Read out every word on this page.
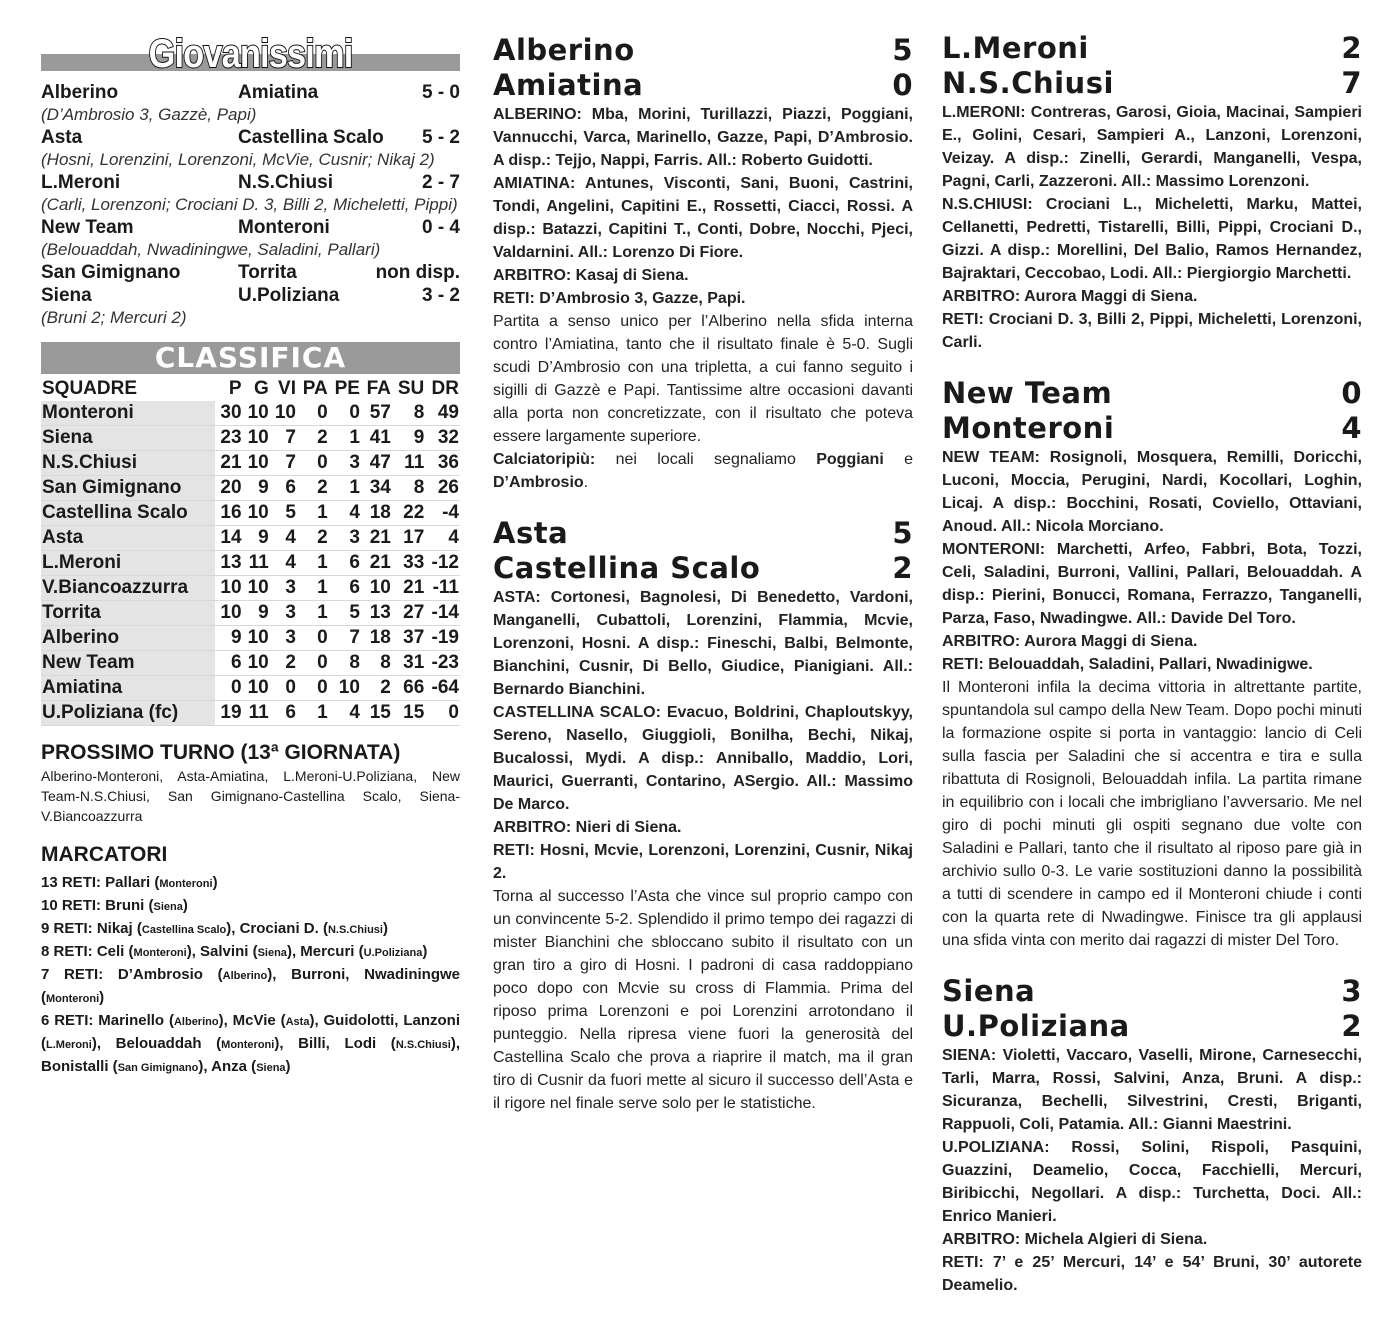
Giovanissimi
Alberino	Amiatina	5 - 0
(D’Ambrosio 3, Gazzè, Papi)
Asta	Castellina Scalo	5 - 2
(Hosni, Lorenzini, Lorenzoni, McVie, Cusnir; Nikaj 2)
L.Meroni	N.S.Chiusi	2 - 7
(Carli, Lorenzoni; Crociani D. 3, Billi 2, Micheletti, Pippi)
New Team	Monteroni	0 - 4
(Belouaddah, Nwadiningwe, Saladini, Pallari)
San Gimignano	Torrita	non disp.
Siena	U.Poliziana	3 - 2
(Bruni 2; Mercuri 2)
CLASSIFICA
SQUADRE	P	G	VI	PA	PE	FA	SU	DR
Monteroni	30	10	10	0	0	57	8	49
Siena	23	10	7	2	1	41	9	32
N.S.Chiusi	21	10	7	0	3	47	11	36
San Gimignano	20	9	6	2	1	34	8	26
Castellina Scalo	16	10	5	1	4	18	22	-4
Asta	14	9	4	2	3	21	17	4
L.Meroni	13	11	4	1	6	21	33	-12
V.Biancoazzurra	10	10	3	1	6	10	21	-11
Torrita	10	9	3	1	5	13	27	-14
Alberino	9	10	3	0	7	18	37	-19
New Team	6	10	2	0	8	8	31	-23
Amiatina	0	10	0	0	10	2	66	-64
U.Poliziana (fc)	19	11	6	1	4	15	15	0
PROSSIMO TURNO (13ª GIORNATA)
Alberino-Monteroni, Asta-Amiatina, L.Meroni-U.Poliziana, New Team-N.S.Chiusi, San Gimignano-Castellina Scalo, Siena-V.Biancoazzurra
MARCATORI
13 RETI: Pallari (Monteroni)
10 RETI: Bruni (Siena)
9 RETI: Nikaj (Castellina Scalo), Crociani D. (N.S.Chiusi)
8 RETI: Celi (Monteroni), Salvini (Siena), Mercuri (U.Poliziana)
7 RETI: D’Ambrosio (Alberino), Burroni, Nwadiningwe (Monteroni)
6 RETI: Marinello (Alberino), McVie (Asta), Guidolotti, Lanzoni (L.Meroni), Belouaddah (Monteroni), Billi, Lodi (N.S.Chiusi), Bonistalli (San Gimignano), Anza (Siena)
Alberino	5
Amiatina	0
ALBERINO: Mba, Morini, Turillazzi, Piazzi, Poggiani, Vannucchi, Varca, Marinello, Gazze, Papi, D’Ambrosio. A disp.: Tejjo, Nappi, Farris. All.: Roberto Guidotti.
AMIATINA: Antunes, Visconti, Sani, Buoni, Castrini, Tondi, Angelini, Capitini E., Rossetti, Ciacci, Rossi. A disp.: Batazzi, Capitini T., Conti, Dobre, Nocchi, Pjeci, Valdarnini. All.: Lorenzo Di Fiore.
ARBITRO: Kasaj di Siena.
RETI: D’Ambrosio 3, Gazze, Papi.
Partita a senso unico per l’Alberino nella sfida interna contro l’Amiatina, tanto che il risultato finale è 5-0. Sugli scudi D’Ambrosio con una tripletta, a cui fanno seguito i sigilli di Gazzè e Papi. Tantissime altre occasioni davanti alla porta non concretizzate, con il risultato che poteva essere largamente superiore.
Calciatoripiù: nei locali segnaliamo Poggiani e D’Ambrosio.
Asta	5
Castellina Scalo	2
ASTA: Cortonesi, Bagnolesi, Di Benedetto, Vardoni, Manganelli, Cubattoli, Lorenzini, Flammia, Mcvie, Lorenzoni, Hosni. A disp.: Fineschi, Balbi, Belmonte, Bianchini, Cusnir, Di Bello, Giudice, Pianigiani. All.: Bernardo Bianchini.
CASTELLINA SCALO: Evacuo, Boldrini, Chaploutskyy, Sereno, Nasello, Giuggioli, Bonilha, Bechi, Nikaj, Bucalossi, Mydi. A disp.: Anniballo, Maddio, Lori, Maurici, Guerranti, Contarino, ASergio. All.: Massimo De Marco.
ARBITRO: Nieri di Siena.
RETI: Hosni, Mcvie, Lorenzoni, Lorenzini, Cusnir, Nikaj 2.
Torna al successo l’Asta che vince sul proprio campo con un convincente 5-2. Splendido il primo tempo dei ragazzi di mister Bianchini che sbloccano subito il risultato con un gran tiro a giro di Hosni. I padroni di casa raddoppiano poco dopo con Mcvie su cross di Flammia. Prima del riposo prima Lorenzoni e poi Lorenzini arrotondano il punteggio. Nella ripresa viene fuori la generosità del Castellina Scalo che prova a riaprire il match, ma il gran tiro di Cusnir da fuori mette al sicuro il successo dell’Asta e il rigore nel finale serve solo per le statistiche.
L.Meroni	2
N.S.Chiusi	7
L.MERONI: Contreras, Garosi, Gioia, Macinai, Sampieri E., Golini, Cesari, Sampieri A., Lanzoni, Lorenzoni, Veizay. A disp.: Zinelli, Gerardi, Manganelli, Vespa, Pagni, Carli, Zazzeroni. All.: Massimo Lorenzoni.
N.S.CHIUSI: Crociani L., Micheletti, Marku, Mattei, Cellanetti, Pedretti, Tistarelli, Billi, Pippi, Crociani D., Gizzi. A disp.: Morellini, Del Balio, Ramos Hernandez, Bajraktari, Ceccobao, Lodi. All.: Piergiorgio Marchetti.
ARBITRO: Aurora Maggi di Siena.
RETI: Crociani D. 3, Billi 2, Pippi, Micheletti, Lorenzoni, Carli.
New Team	0
Monteroni	4
NEW TEAM: Rosignoli, Mosquera, Remilli, Doricchi, Luconi, Moccia, Perugini, Nardi, Kocollari, Loghin, Licaj. A disp.: Bocchini, Rosati, Coviello, Ottaviani, Anoud. All.: Nicola Morciano.
MONTERONI: Marchetti, Arfeo, Fabbri, Bota, Tozzi, Celi, Saladini, Burroni, Vallini, Pallari, Belouaddah. A disp.: Pierini, Bonucci, Romana, Ferrazzo, Tanganelli, Parza, Faso, Nwadingwe. All.: Davide Del Toro.
ARBITRO: Aurora Maggi di Siena.
RETI: Belouaddah, Saladini, Pallari, Nwadinigwe.
Il Monteroni infila la decima vittoria in altrettante partite, spuntandola sul campo della New Team. Dopo pochi minuti la formazione ospite si porta in vantaggio: lancio di Celi sulla fascia per Saladini che si accentra e tira e sulla ribattuta di Rosignoli, Belouaddah infila. La partita rimane in equilibrio con i locali che imbrigliano l’avversario. Me nel giro di pochi minuti gli ospiti segnano due volte con Saladini e Pallari, tanto che il risultato al riposo pare già in archivio sullo 0-3. Le varie sostituzioni danno la possibilità a tutti di scendere in campo ed il Monteroni chiude i conti con la quarta rete di Nwadingwe. Finisce tra gli applausi una sfida vinta con merito dai ragazzi di mister Del Toro.
Siena	3
U.Poliziana	2
SIENA: Violetti, Vaccaro, Vaselli, Mirone, Carnesecchi, Tarli, Marra, Rossi, Salvini, Anza, Bruni. A disp.: Sicuranza, Bechelli, Silvestrini, Cresti, Briganti, Rappuoli, Coli, Patamia. All.: Gianni Maestrini.
U.POLIZIANA: Rossi, Solini, Rispoli, Pasquini, Guazzini, Deamelio, Cocca, Facchielli, Mercuri, Biribicchi, Negollari. A disp.: Turchetta, Doci. All.: Enrico Manieri.
ARBITRO: Michela Algieri di Siena.
RETI: 7’ e 25’ Mercuri, 14’ e 54’ Bruni, 30’ autorete Deamelio.
